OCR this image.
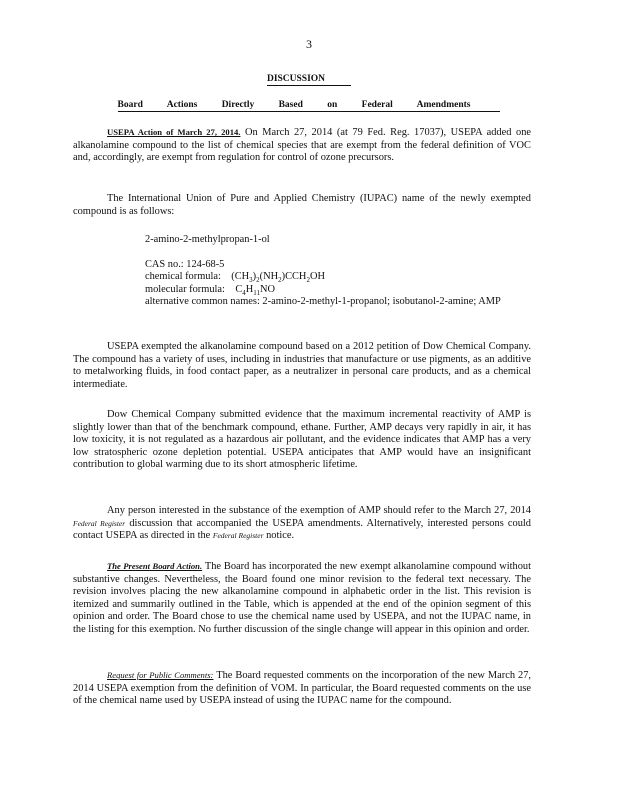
3
DISCUSSION
Board Actions Directly Based on Federal Amendments
USEPA Action of March 27, 2014. On March 27, 2014 (at 79 Fed. Reg. 17037), USEPA added one alkanolamine compound to the list of chemical species that are exempt from the federal definition of VOC and, accordingly, are exempt from regulation for control of ozone precursors.
The International Union of Pure and Applied Chemistry (IUPAC) name of the newly exempted compound is as follows:
2-amino-2-methylpropan-1-ol
CAS no.: 124-68-5
chemical formula: $(CH_3)_2(NH_2)CCH_2OH$
molecular formula: $C_4H_{11}NO$
alternative common names: 2-amino-2-methyl-1-propanol; isobutanol-2-amine; AMP
USEPA exempted the alkanolamine compound based on a 2012 petition of Dow Chemical Company. The compound has a variety of uses, including in industries that manufacture or use pigments, as an additive to metalworking fluids, in food contact paper, as a neutralizer in personal care products, and as a chemical intermediate.
Dow Chemical Company submitted evidence that the maximum incremental reactivity of AMP is slightly lower than that of the benchmark compound, ethane. Further, AMP decays very rapidly in air, it has low toxicity, it is not regulated as a hazardous air pollutant, and the evidence indicates that AMP has a very low stratospheric ozone depletion potential. USEPA anticipates that AMP would have an insignificant contribution to global warming due to its short atmospheric lifetime.
Any person interested in the substance of the exemption of AMP should refer to the March 27, 2014 Federal Register discussion that accompanied the USEPA amendments. Alternatively, interested persons could contact USEPA as directed in the Federal Register notice.
The Present Board Action. The Board has incorporated the new exempt alkanolamine compound without substantive changes. Nevertheless, the Board found one minor revision to the federal text necessary. The revision involves placing the new alkanolamine compound in alphabetic order in the list. This revision is itemized and summarily outlined in the Table, which is appended at the end of the opinion segment of this opinion and order. The Board chose to use the chemical name used by USEPA, and not the IUPAC name, in the listing for this exemption. No further discussion of the single change will appear in this opinion and order.
Request for Public Comments: The Board requested comments on the incorporation of the new March 27, 2014 USEPA exemption from the definition of VOM. In particular, the Board requested comments on the use of the chemical name used by USEPA instead of using the IUPAC name for the compound.
